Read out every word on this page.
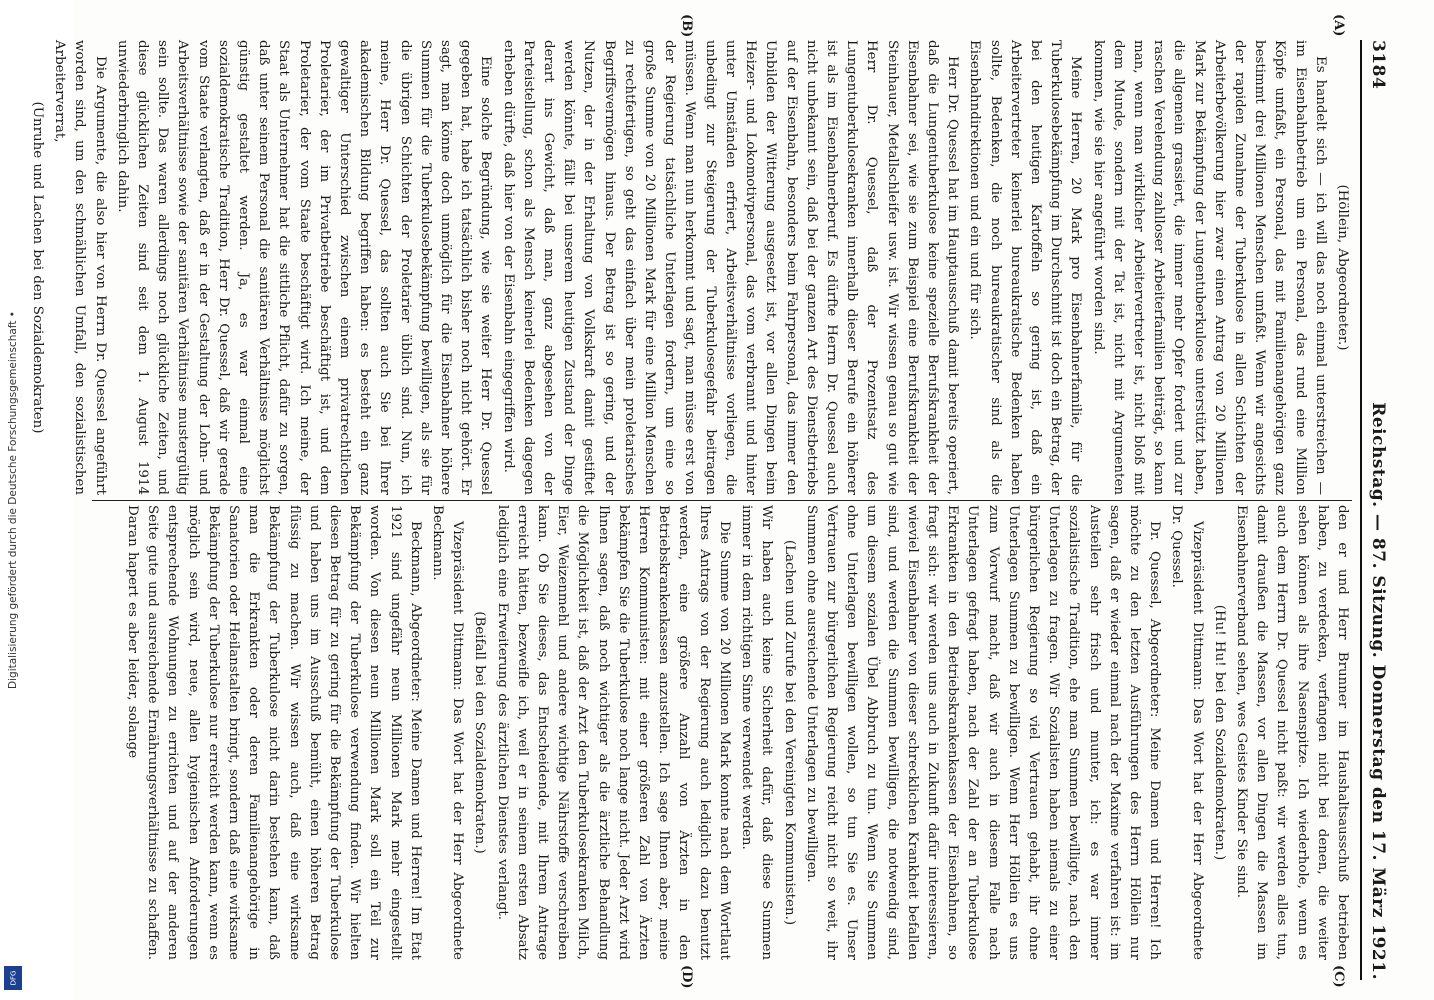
3184
Reichstag. — 87. Sitzung. Donnerstag den 17. März 1921.
(A)
(B)
(C)
(D)

(Höllein, Abgeordneter.)

Es handelt sich — ich will das noch einmal unterstreichen — im Eisenbahnbetrieb um ein Personal, das rund eine Million Köpfe umfaßt, ein Personal, das mit Familienangehörigen ganz bestimmt drei Millionen Menschen umfaßt. Wenn wir angesichts der rapiden Zunahme der Tuberkulose in allen Schichten der Arbeiterbevölkerung hier zwar einen Antrag von 20 Millionen Mark zur Bekämpfung der Lungentuberkulose unterstützt haben, die allgemein grassiert, die immer mehr Opfer fordert und zur raschen Verelendung zahlloser Arbeiterfamilien beiträgt, so kann man, wenn man wirklicher Arbeitervertreter ist, nicht bloß mit dem Munde, sondern mit der Tat ist, nicht mit Argumenten kommen, wie sie hier angeführt worden sind.

Meine Herren, 20 Mark pro Eisenbahnerfamilie, für die Tuberkulosebekämpfung im Durchschnitt ist doch ein Betrag, der bei den heutigen Kartoffeln so gering ist, daß ein Arbeitervertreter keinerlei bureaukratische Bedenken haben sollte, Bedenken, die noch bureaukratischer sind als die Eisenbahndirektionen und ein und für sich.

Herr Dr. Quessel hat im Hauptausschuß damit bereits operiert, daß die Lungentuberkulose keine spezielle Berufskrankheit der Eisenbahner sei, wie sie zum Beispiel eine Berufskrankheit der Steinhauer, Metallschleifer usw. ist. Wir wissen genau so gut wie Herr Dr. Quessel, daß der Prozentsatz des Lungentuberkulosekranken innerhalb dieser Berufe ein höherer ist als im Eisenbahnerberuf. Es dürfte Herrn Dr. Quessel auch nicht unbekannt sein, daß bei der ganzen Art des Dienstbetriebs auf der Eisenbahn, besonders beim Fahrpersonal, das immer den Unbilden der Witterung ausgesetzt ist, vor allen Dingen beim Heizer- und Lokomotivpersonal, das vom verbrannt und hinter unter Umständen erfriert, Arbeitsverhältnisse vorliegen, die unbedingt zur Steigerung der Tuberkulosegefahr beitragen müssen. Wenn man nun herkommt und sagt, man müsse erst von der Regierung tatsächliche Unterlagen fordern, um eine so große Summe von 20 Millionen Mark für eine Million Menschen zu rechtfertigen, so geht das einfach über mein proletarisches Begriffsvermögen hinaus. Der Betrag ist so gering, und der Nutzen, der in der Erhaltung von Volkskraft damit gestiftet werden könnte, fällt bei unserem heutigen Zustand der Dinge derart ins Gewicht, daß man, ganz abgesehen von der Parteistellung, schon als Mensch keinerlei Bedenken dagegen erheben dürfte, daß hier von der Eisenbahn eingegriffen wird.

Eine solche Begründung, wie sie weiter Herr Dr. Quessel gegeben hat, habe ich tatsächlich bisher noch nicht gehört. Er sagt, man könne doch unmöglich für die Eisenbahner höhere Summen für die Tuberkulosebekämpfung bewilligen, als sie für die übrigen Schichten der Proletarier üblich sind. Nun, ich meine, Herr Dr. Quessel, das sollten auch Sie bei Ihrer akademischen Bildung begriffen haben: es besteht ein ganz gewaltiger Unterschied zwischen einem privatrechtlichen Proletarier, der im Privatbetriebe beschäftigt ist, und dem Proletarier, der vom Staate beschäftigt wird. Ich meine, der Staat als Unternehmer hat die sittliche Pflicht, dafür zu sorgen, daß unter seinem Personal die sanitären Verhältnisse möglichst günstig gestaltet werden. Ja, es war einmal eine sozialdemokratische Tradition, Herr Dr. Quessel, daß wir gerade vom Staate verlangten, daß er in der Gestaltung der Lohn- und Arbeitsverhältnisse sowie der sanitären Verhältnisse mustergültig sein sollte. Das waren allerdings noch glückliche Zeiten, und diese glücklichen Zeiten sind seit dem 1. August 1914 unwiederbringlich dahin.

Die Argumente, die also hier von Herrn Dr. Quessel angeführt worden sind, um den schmählichen Umfall, den sozialistischen Arbeiterverrat,

(Unruhe und Lachen bei den Sozialdemokraten)

den er und Herr Brunner im Haushaltsausschuß betrieben haben, zu verdecken, verfangen nicht bei denen, die weiter sehen können als ihre Nasenspitze. Ich wiederhole, wenn es auch dem Herrn Dr. Quessel nicht paßt: wir werden alles tun, damit draußen die Massen, vor allen Dingen die Massen im Eisenbahnerverband sehen, wes Geistes Kinder Sie sind.

(Hu! Hu! bei den Sozialdemokraten.)

Vizepräsident Dittmann: Das Wort hat der Herr Abgeordnete Dr. Quessel.

Dr. Quessel, Abgeordneter: Meine Damen und Herren! Ich möchte zu den letzten Ausführungen des Herrn Höllein nur sagen, daß er wieder einmal nach der Maxime verfahren ist: im Austeilen sehr frisch und munter, ich: es war immer sozialistische Tradition, ehe man Summen bewilligte, nach den Unterlagen zu fragen. Wir Sozialisten haben niemals zu einer bürgerlichen Regierung so viel Vertrauen gehabt, ihr ohne Unterlagen Summen zu bewilligen. Wenn Herr Höllein es uns zum Vorwurf macht, daß wir auch in diesem Falle nach Unterlagen gefragt haben, nach der Zahl der an Tuberkulose Erkrankten in den Betriebskrankenkassen der Eisenbahnen, so fragt sich: wir werden uns auch in Zukunft dafür interessieren, wieviel Eisenbahner von dieser schrecklichen Krankheit befallen sind, und werden die Summen bewilligen, die notwendig sind, um diesem sozialen Übel Abbruch zu tun. Wenn Sie Summen ohne Unterlagen bewilligen wollen, so tun Sie es. Unser Vertrauen zur bürgerlichen Regierung reicht nicht so weit, ihr Summen ohne ausreichende Unterlagen zu bewilligen.

(Lachen und Zurufe bei den Vereinigten Kommunisten.)

Wir haben auch keine Sicherheit dafür, daß diese Summen immer in dem richtigen Sinne verwendet werden.

Die Summe von 20 Millionen Mark konnte nach dem Wortlaut Ihres Antrags von der Regierung auch lediglich dazu benutzt werden, eine größere Anzahl von Ärzten in den Betriebskrankenkassen anzustellen. Ich sage Ihnen aber, meine Herren Kommunisten: mit einer größeren Zahl von Ärzten bekämpfen Sie die Tuberkulose noch lange nicht. Jeder Arzt wird Ihnen sagen, daß noch wichtiger als die ärztliche Behandlung die Möglichkeit ist, daß der Arzt den Tuberkulosekranken Milch, Eier, Weizenmehl und andere wichtige Nährstoffe verschreiben kann. Ob Sie dieses, das Entscheidende, mit Ihrem Antrage erreicht hätten, bezweifle ich, weil er in seinem ersten Absatz lediglich eine Erweiterung des ärztlichen Dienstes verlangt.

(Beifall bei den Sozialdemokraten.)

Vizepräsident Dittmann: Das Wort hat der Herr Abgeordnete Beckmann.

Beckmann, Abgeordneter: Meine Damen und Herren! Im Etat 1921 sind ungefähr neun Millionen Mark mehr eingestellt worden. Von diesen neun Millionen Mark soll ein Teil zur Bekämpfung der Tuberkulose verwendung finden. Wir hielten diesen Betrag für zu gering für die Bekämpfung der Tuberkulose und haben uns im Ausschuß bemüht, einen höheren Betrag flüssig zu machen. Wir wissen auch, daß eine wirksame Bekämpfung der Tuberkulose nicht darin bestehen kann, daß man die Erkrankten oder deren Familienangehörige in Sanatorien oder Heilanstalten bringt, sondern daß eine wirksame Bekämpfung der Tuberkulose nur erreicht werden kann, wenn es möglich sein wird, neue, allen hygienischen Anforderungen entsprechende Wohnungen zu errichten und auf der anderen Seite gute und ausreichende Ernährungsverhältnisse zu schaffen. Daran hapert es aber leider, solange

Digitalisierung gefördert durch die Deutsche Forschungsgemeinschaft •
DFG
